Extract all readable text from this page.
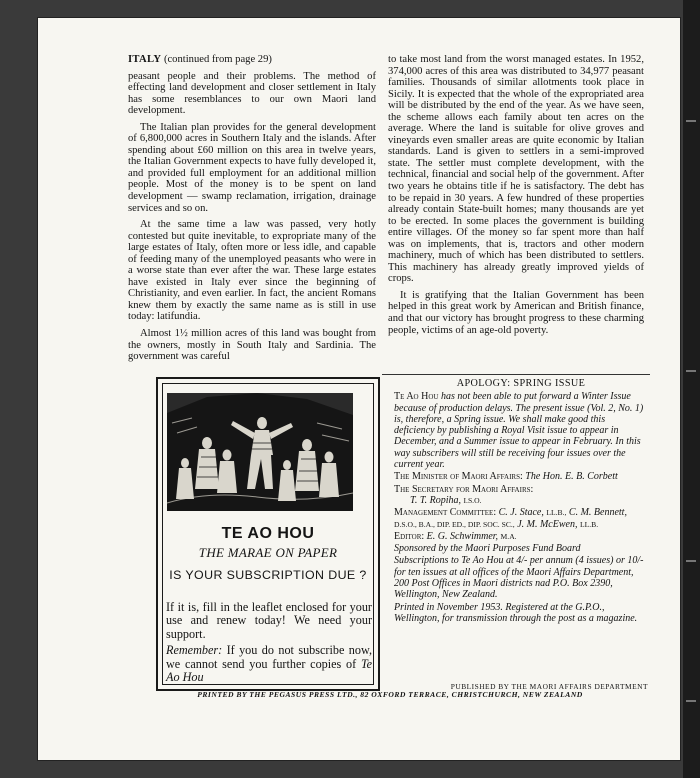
ITALY (continued from page 29)

peasant people and their problems. The method of effecting land development and closer settlement in Italy has some resemblances to our own Maori land development.

The Italian plan provides for the general development of 6,800,000 acres in Southern Italy and the islands. After spending about £60 million on this area in twelve years, the Italian Government expects to have fully developed it, and provided full employment for an additional million people. Most of the money is to be spent on land development — swamp reclamation, irrigation, drainage services and so on.

At the same time a law was passed, very hotly contested but quite inevitable, to expropriate many of the large estates of Italy, often more or less idle, and capable of feeding many of the unemployed peasants who were in a worse state than ever after the war. These large estates have existed in Italy ever since the beginning of Christianity, and even earlier. In fact, the ancient Romans knew them by exactly the same name as is still in use today: latifundia.

Almost 1½ million acres of this land was bought from the owners, mostly in South Italy and Sardinia. The government was careful

to take most land from the worst managed estates. In 1952, 374,000 acres of this area was distributed to 34,977 peasant families. Thousands of similar allotments took place in Sicily. It is expected that the whole of the expropriated area will be distributed by the end of the year. As we have seen, the scheme allows each family about ten acres on the average. Where the land is suitable for olive groves and vineyards even smaller areas are quite economic by Italian standards. Land is given to settlers in a semi-improved state. The settler must complete development, with the technical, financial and social help of the government. After two years he obtains title if he is satisfactory. The debt has to be repaid in 30 years. A few hundred of these properties already contain State-built homes; many thousands are yet to be erected. In some places the government is building entire villages. Of the money so far spent more than half was on implements, that is, tractors and other modern machinery, much of which has been distributed to settlers. This machinery has already greatly improved yields of crops.

It is gratifying that the Italian Government has been helped in this great work by American and British finance, and that our victory has brought progress to these charming people, victims of an age-old poverty.

TE AO HOU
THE MARAE ON PAPER
IS YOUR SUBSCRIPTION DUE ?

If it is, fill in the leaflet enclosed for your use and renew today! We need your support.

Remember: If you do not subscribe now, we cannot send you further copies of Te Ao Hou

APOLOGY: SPRING ISSUE

Te Ao Hou has not been able to put forward a Winter Issue because of production delays. The present issue (Vol. 2, No. 1) is, therefore, a Spring issue. We shall make good this deficiency by publishing a Royal Visit issue to appear in December, and a Summer issue to appear in February. In this way subscribers will still be receiving four issues over the current year.

The Minister of Maori Affairs: The Hon. E. B. Corbett

The Secretary for Maori Affairs:
T. T. Ropiha, I.S.O.

Management Committee: C. J. Stace, LL.B., C. M. Bennett, D.S.O., B.A., DIP. ED., DIP. SOC. SC., J. M. McEwen, LL.B.

Editor: E. G. Schwimmer, M.A.

Sponsored by the Maori Purposes Fund Board

Subscriptions to Te Ao Hou at 4/- per annum (4 issues) or 10/- for ten issues at all offices of the Maori Affairs Department, 200 Post Offices in Maori districts nad P.O. Box 2390, Wellington, New Zealand.

Printed in November 1953. Registered at the G.P.O., Wellington, for transmission through the post as a magazine.

PUBLISHED BY THE MAORI AFFAIRS DEPARTMENT
PRINTED BY THE PEGASUS PRESS LTD., 82 OXFORD TERRACE, CHRISTCHURCH, NEW ZEALAND
